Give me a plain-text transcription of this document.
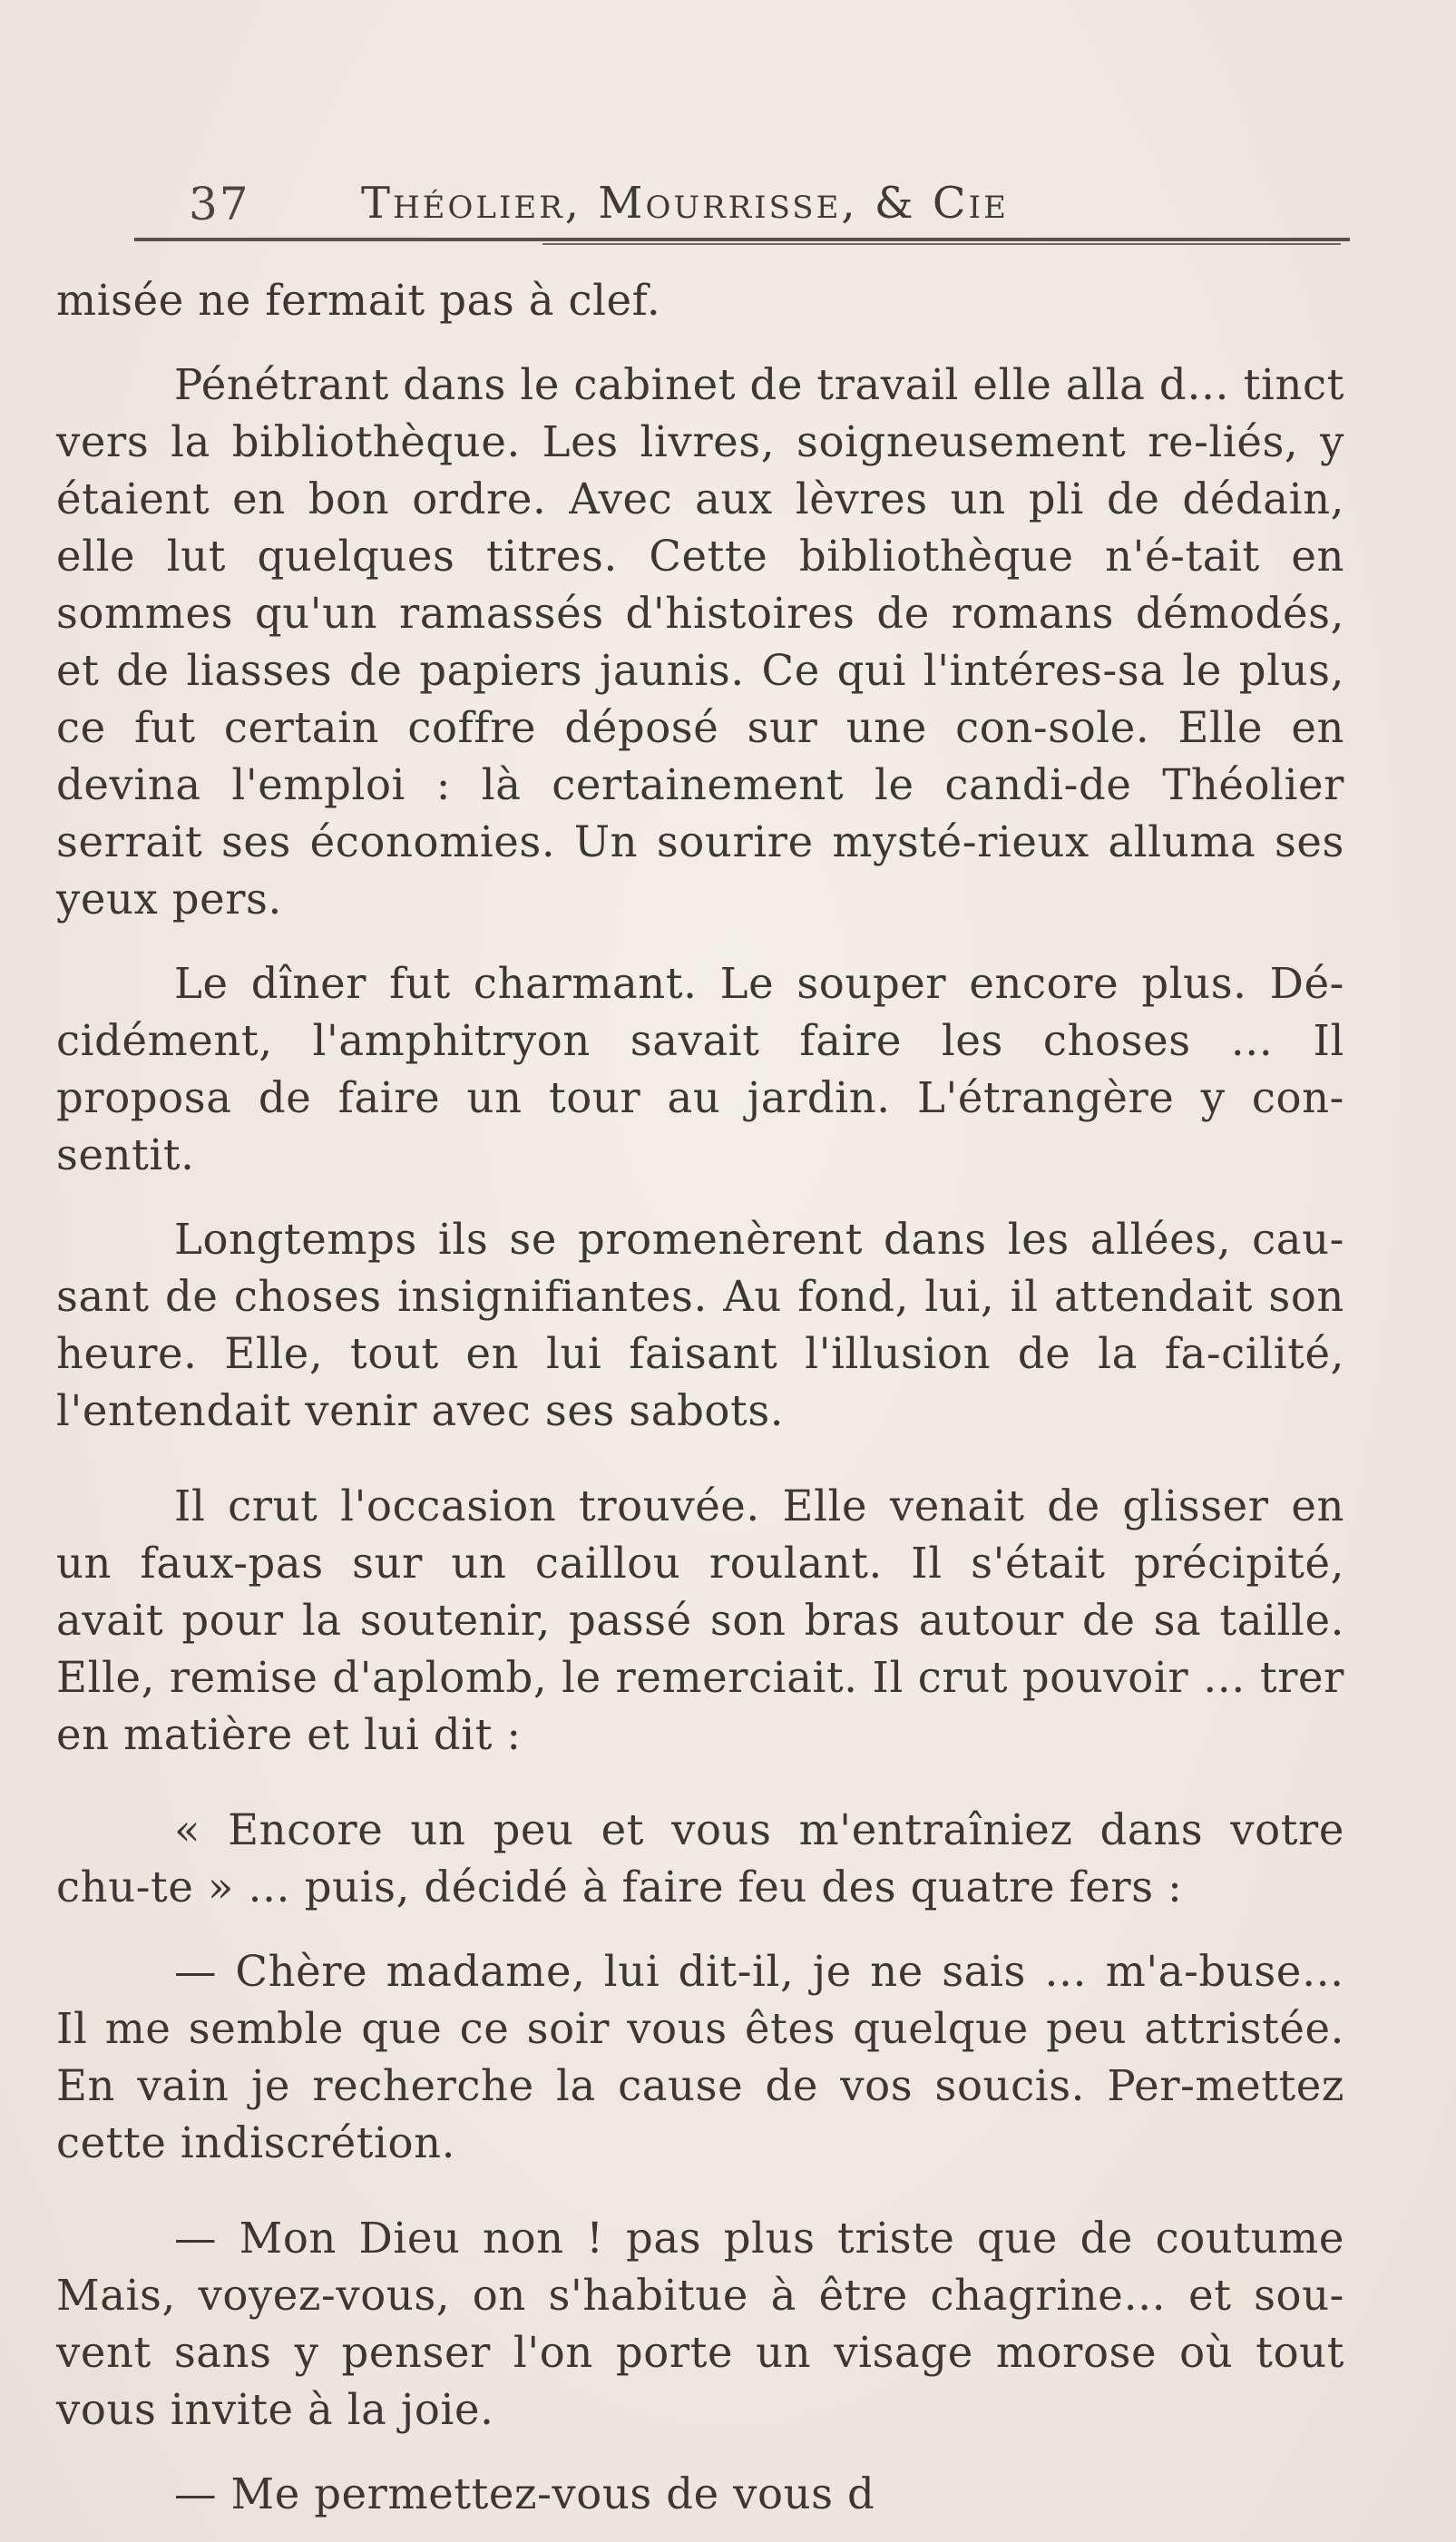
37	Théolier, Mourrisse, & Cie

misée ne fermait pas à clef.

Pénétrant dans le cabinet de travail elle alla d… tinct vers la bibliothèque. Les livres, soigneusement re-liés, y étaient en bon ordre. Avec aux lèvres un pli de dédain, elle lut quelques titres. Cette bibliothèque n'é-tait en sommes qu'un ramassés d'histoires de romans démodés, et de liasses de papiers jaunis. Ce qui l'intéres-sa le plus, ce fut certain coffre déposé sur une con-sole. Elle en devina l'emploi : là certainement le candi-de Théolier serrait ses économies. Un sourire mysté-rieux alluma ses yeux pers.

Le dîner fut charmant. Le souper encore plus. Dé-cidément, l'amphitryon savait faire les choses … Il proposa de faire un tour au jardin. L'étrangère y con-sentit.

Longtemps ils se promenèrent dans les allées, cau-sant de choses insignifiantes. Au fond, lui, il attendait son heure. Elle, tout en lui faisant l'illusion de la fa-cilité, l'entendait venir avec ses sabots.

Il crut l'occasion trouvée. Elle venait de glisser en un faux-pas sur un caillou roulant. Il s'était précipité, avait pour la soutenir, passé son bras autour de sa taille. Elle, remise d'aplomb, le remerciait. Il crut pouvoir … trer en matière et lui dit :

« Encore un peu et vous m'entraîniez dans votre chu-te » … puis, décidé à faire feu des quatre fers :

— Chère madame, lui dit-il, je ne sais … m'a-buse… Il me semble que ce soir vous êtes quelque peu attristée. En vain je recherche la cause de vos soucis. Per-mettez cette indiscrétion.

— Mon Dieu non ! pas plus triste que de coutume Mais, voyez-vous, on s'habitue à être chagrine… et sou-vent sans y penser l'on porte un visage morose où tout vous invite à la joie.

— Me permettez-vous de vous d
